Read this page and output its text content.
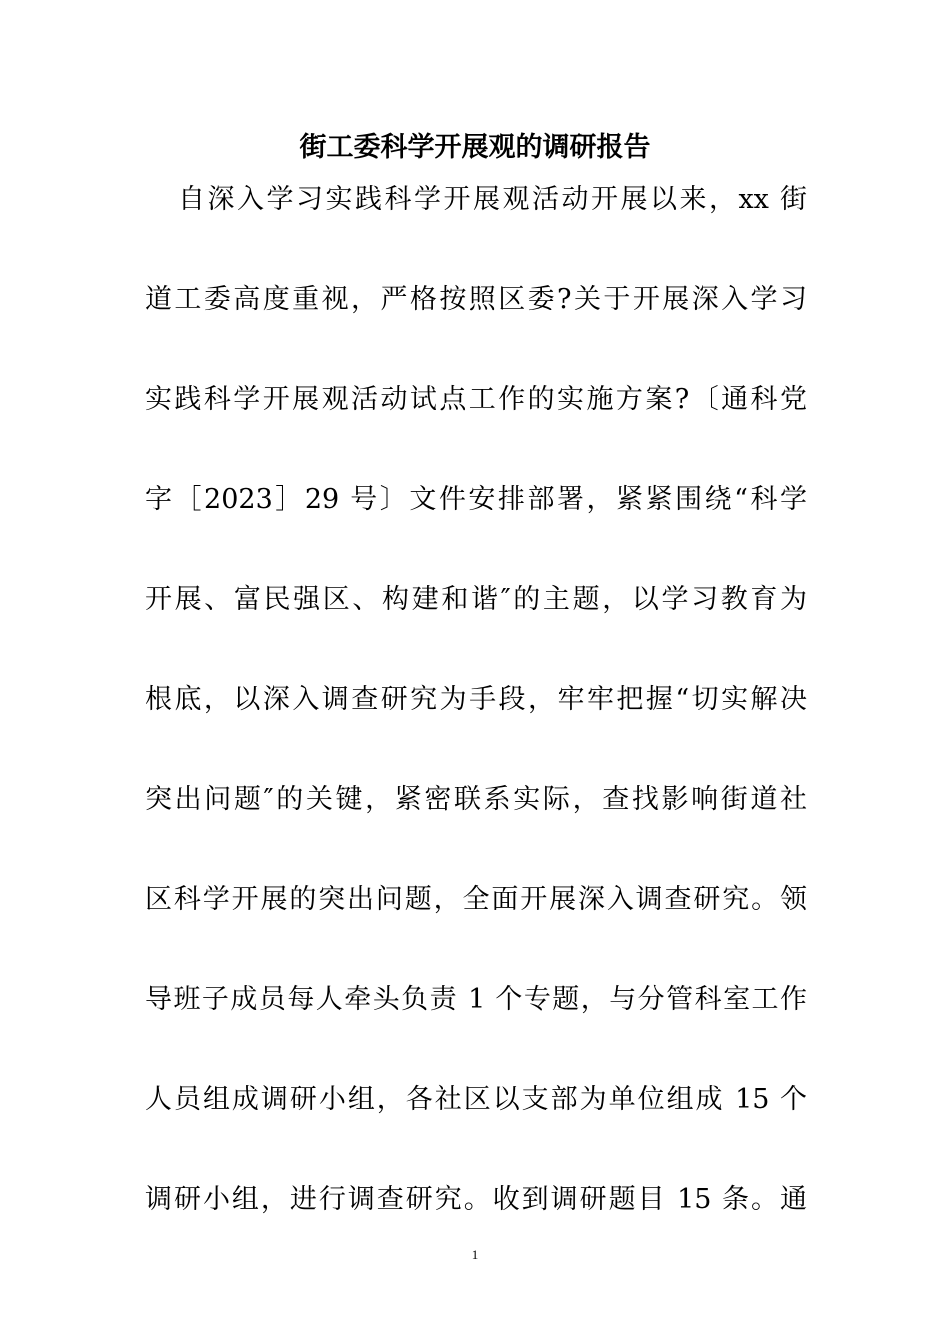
街工委科学开展观的调研报告
自深入学习实践科学开展观活动开展以来，xx 街
道工委高度重视，严格按照区委?关于开展深入学习
实践科学开展观活动试点工作的实施方案?〔通科党
字［2023］29 号〕文件安排部署，紧紧围绕“科学
开展、富民强区、构建和谐″的主题，以学习教育为
根底，以深入调查研究为手段，牢牢把握“切实解决
突出问题″的关键，紧密联系实际，查找影响街道社
区科学开展的突出问题，全面开展深入调查研究。领
导班子成员每人牵头负责 1 个专题，与分管科室工作
人员组成调研小组，各社区以支部为单位组成 15 个
调研小组，进行调查研究。收到调研题目 15 条。通
1
